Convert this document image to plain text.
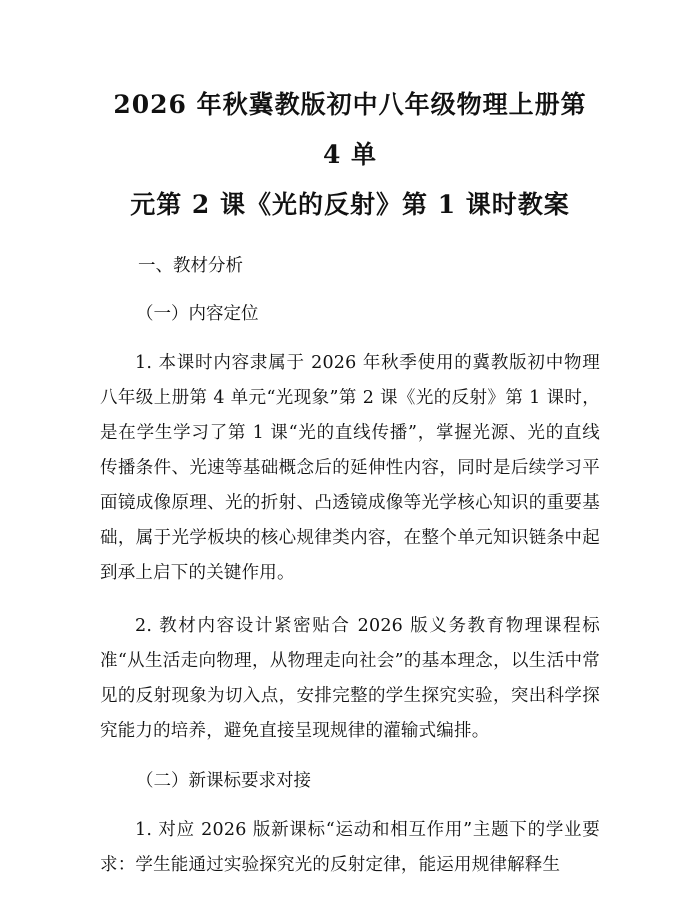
2026 年秋冀教版初中八年级物理上册第 4 单
元第 2 课《光的反射》第 1 课时教案

一、教材分析

（一）内容定位

1. 本课时内容隶属于 2026 年秋季使用的冀教版初中物理八年级上册第 4 单元“光现象”第 2 课《光的反射》第 1 课时，是在学生学习了第 1 课“光的直线传播”，掌握光源、光的直线传播条件、光速等基础概念后的延伸性内容，同时是后续学习平面镜成像原理、光的折射、凸透镜成像等光学核心知识的重要基础，属于光学板块的核心规律类内容，在整个单元知识链条中起到承上启下的关键作用。

2. 教材内容设计紧密贴合 2026 版义务教育物理课程标准“从生活走向物理，从物理走向社会”的基本理念，以生活中常见的反射现象为切入点，安排完整的学生探究实验，突出科学探究能力的培养，避免直接呈现规律的灌输式编排。

（二）新课标要求对接

1. 对应 2026 版新课标“运动和相互作用”主题下的学业要求：学生能通过实验探究光的反射定律，能运用规律解释生
